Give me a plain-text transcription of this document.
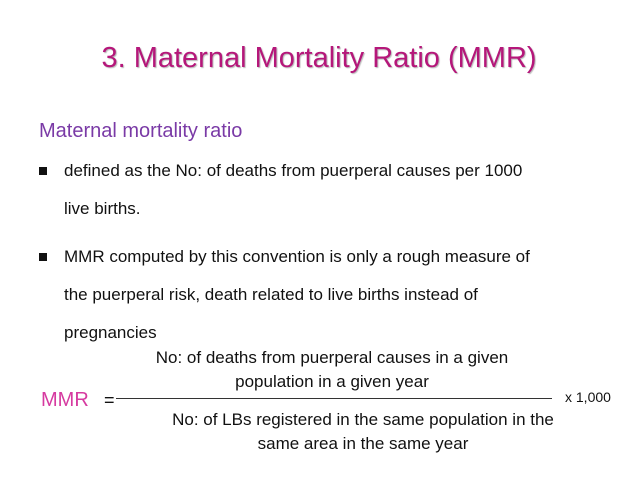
3. Maternal Mortality Ratio (MMR)
Maternal mortality ratio
defined as the No: of deaths from puerperal causes per 1000
live births.
MMR computed by this convention is only a rough measure of
the puerperal risk, death related to live births instead of
pregnancies
No: of deaths from puerperal causes in a given
population in a given year
MMR =	x 1,000
No: of LBs registered in the same population in the
same area in the same year
